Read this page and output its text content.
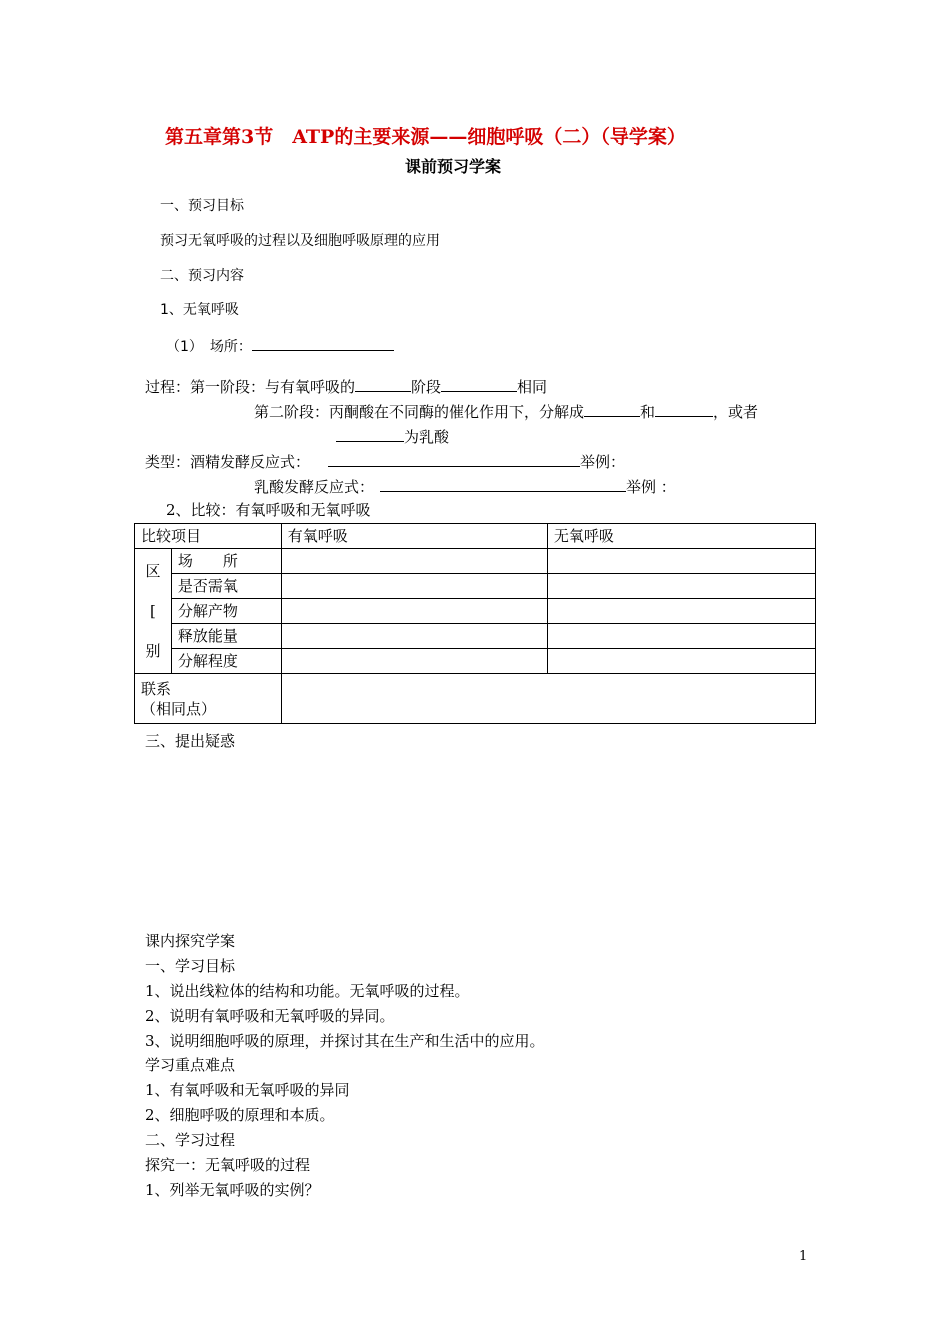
第五章第3节　ATP的主要来源——细胞呼吸（二）（导学案）
课前预习学案
一、预习目标
预习无氧呼吸的过程以及细胞呼吸原理的应用
二、预习内容
1、无氧呼吸
（1）　场所：
过程：第一阶段：与有氧呼吸的	阶段	相同
第二阶段：丙酮酸在不同酶的催化作用下，分解成	和	，或者
为乳酸
类型：酒精发酵反应式：	举例：
乳酸发酵反应式：	举例 ：
2、比较：有氧呼吸和无氧呼吸
比较项目		有氧呼吸	无氧呼吸

区
[
别	场　　所		
	是否需氧		
	分解产物		
	释放能量		
	分解程度		

联系
（相同点）			

三、提出疑惑
课内探究学案
一、学习目标
1、说出线粒体的结构和功能。无氧呼吸的过程。
2、说明有氧呼吸和无氧呼吸的异同。
3、说明细胞呼吸的原理，并探讨其在生产和生活中的应用。
学习重点难点
1、有氧呼吸和无氧呼吸的异同
2、细胞呼吸的原理和本质。
二、学习过程
探究一：无氧呼吸的过程
1、列举无氧呼吸的实例？
1
